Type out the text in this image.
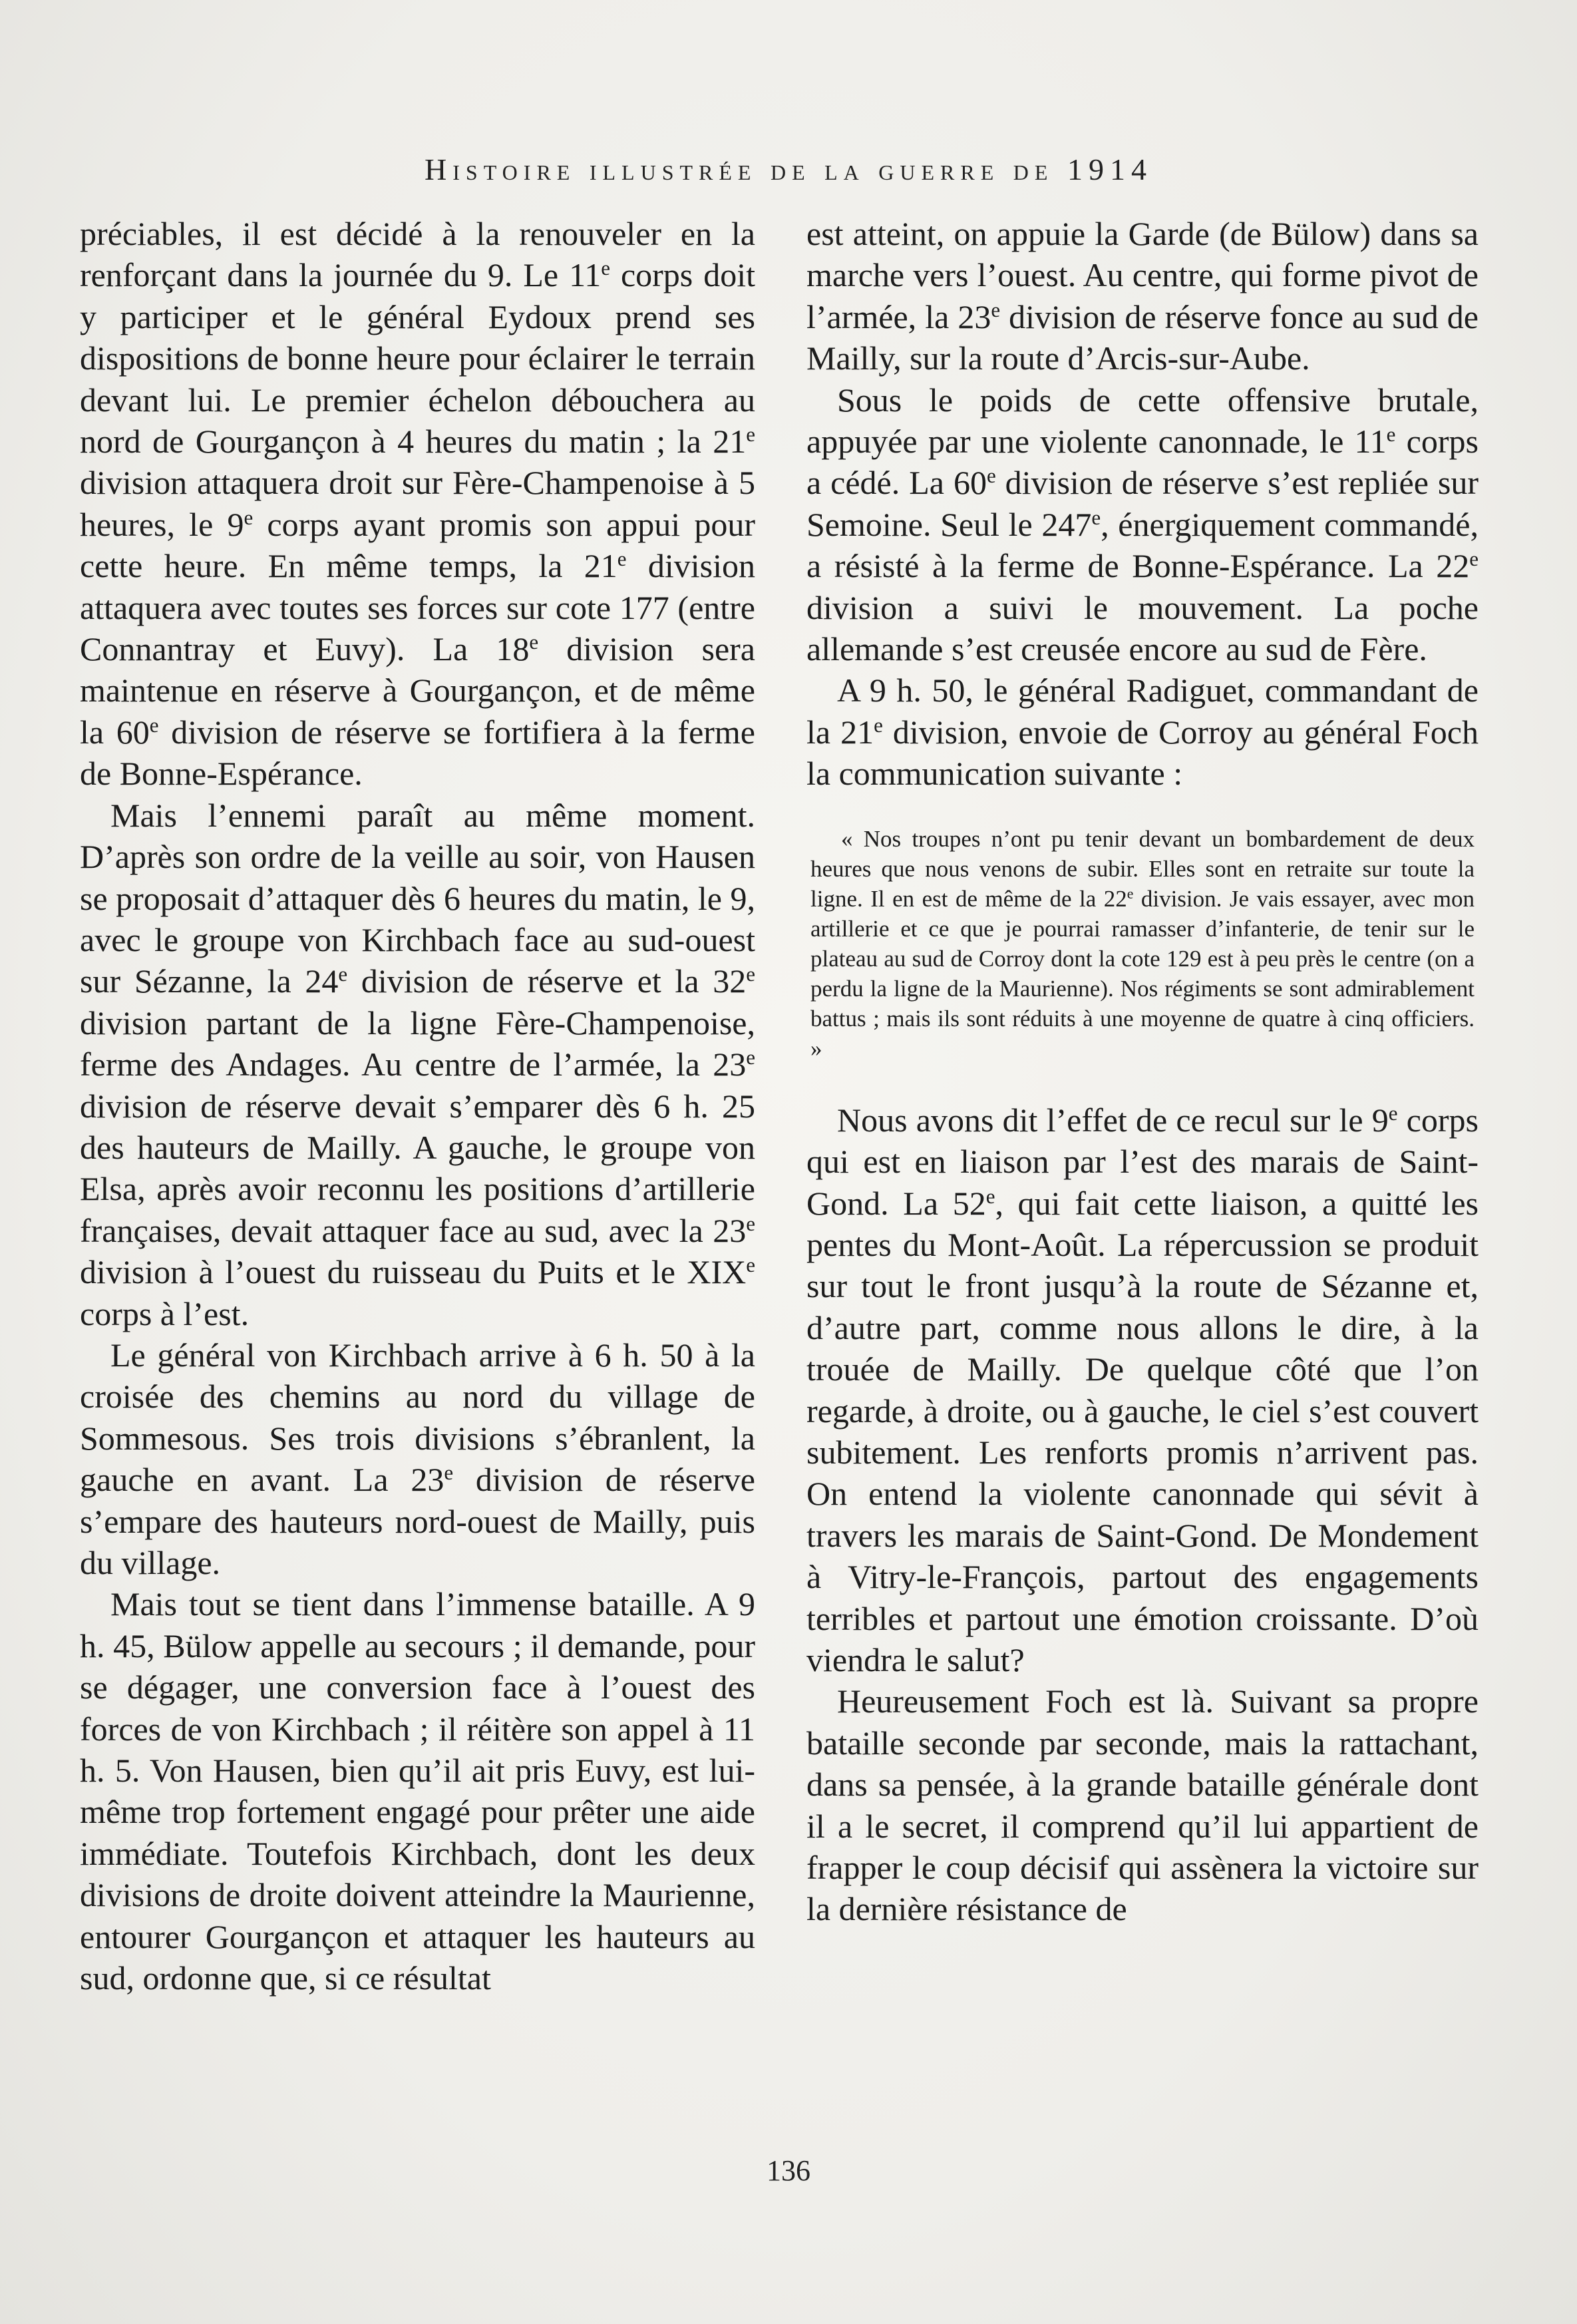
Histoire illustrée de la guerre de 1914

préciables, il est décidé à la renouveler en la renforçant dans la journée du 9. Le 11e corps doit y participer et le général Eydoux prend ses dispositions de bonne heure pour éclairer le terrain devant lui. Le premier échelon débouchera au nord de Gourgançon à 4 heures du matin ; la 21e division attaquera droit sur Fère-Champenoise à 5 heures, le 9e corps ayant promis son appui pour cette heure. En même temps, la 21e division attaquera avec toutes ses forces sur cote 177 (entre Connantray et Euvy). La 18e division sera maintenue en réserve à Gourgançon, et de même la 60e division de réserve se fortifiera à la ferme de Bonne-Espérance.

Mais l’ennemi paraît au même moment. D’après son ordre de la veille au soir, von Hausen se proposait d’attaquer dès 6 heures du matin, le 9, avec le groupe von Kirchbach face au sud-ouest sur Sézanne, la 24e division de réserve et la 32e division partant de la ligne Fère-Champenoise, ferme des Andages. Au centre de l’armée, la 23e division de réserve devait s’emparer dès 6 h. 25 des hauteurs de Mailly. A gauche, le groupe von Elsa, après avoir reconnu les positions d’artillerie françaises, devait attaquer face au sud, avec la 23e division à l’ouest du ruisseau du Puits et le XIXe corps à l’est.

Le général von Kirchbach arrive à 6 h. 50 à la croisée des chemins au nord du village de Sommesous. Ses trois divisions s’ébranlent, la gauche en avant. La 23e division de réserve s’empare des hauteurs nord-ouest de Mailly, puis du village.

Mais tout se tient dans l’immense bataille. A 9 h. 45, Bülow appelle au secours ; il demande, pour se dégager, une conversion face à l’ouest des forces de von Kirchbach ; il réitère son appel à 11 h. 5. Von Hausen, bien qu’il ait pris Euvy, est lui-même trop fortement engagé pour prêter une aide immédiate. Toutefois Kirchbach, dont les deux divisions de droite doivent atteindre la Maurienne, entourer Gourgançon et attaquer les hauteurs au sud, ordonne que, si ce résultat

est atteint, on appuie la Garde (de Bülow) dans sa marche vers l’ouest. Au centre, qui forme pivot de l’armée, la 23e division de réserve fonce au sud de Mailly, sur la route d’Arcis-sur-Aube.

Sous le poids de cette offensive brutale, appuyée par une violente canonnade, le 11e corps a cédé. La 60e division de réserve s’est repliée sur Semoine. Seul le 247e, énergiquement commandé, a résisté à la ferme de Bonne-Espérance. La 22e division a suivi le mouvement. La poche allemande s’est creusée encore au sud de Fère.

A 9 h. 50, le général Radiguet, commandant de la 21e division, envoie de Corroy au général Foch la communication suivante :

« Nos troupes n’ont pu tenir devant un bombardement de deux heures que nous venons de subir. Elles sont en retraite sur toute la ligne. Il en est de même de la 22e division. Je vais essayer, avec mon artillerie et ce que je pourrai ramasser d’infanterie, de tenir sur le plateau au sud de Corroy dont la cote 129 est à peu près le centre (on a perdu la ligne de la Maurienne). Nos régiments se sont admirablement battus ; mais ils sont réduits à une moyenne de quatre à cinq officiers. »

Nous avons dit l’effet de ce recul sur le 9e corps qui est en liaison par l’est des marais de Saint-Gond. La 52e, qui fait cette liaison, a quitté les pentes du Mont-Août. La répercussion se produit sur tout le front jusqu’à la route de Sézanne et, d’autre part, comme nous allons le dire, à la trouée de Mailly. De quelque côté que l’on regarde, à droite, ou à gauche, le ciel s’est couvert subitement. Les renforts promis n’arrivent pas. On entend la violente canonnade qui sévit à travers les marais de Saint-Gond. De Mondement à Vitry-le-François, partout des engagements terribles et partout une émotion croissante. D’où viendra le salut?

Heureusement Foch est là. Suivant sa propre bataille seconde par seconde, mais la rattachant, dans sa pensée, à la grande bataille générale dont il a le secret, il comprend qu’il lui appartient de frapper le coup décisif qui assènera la victoire sur la dernière résistance de

136
